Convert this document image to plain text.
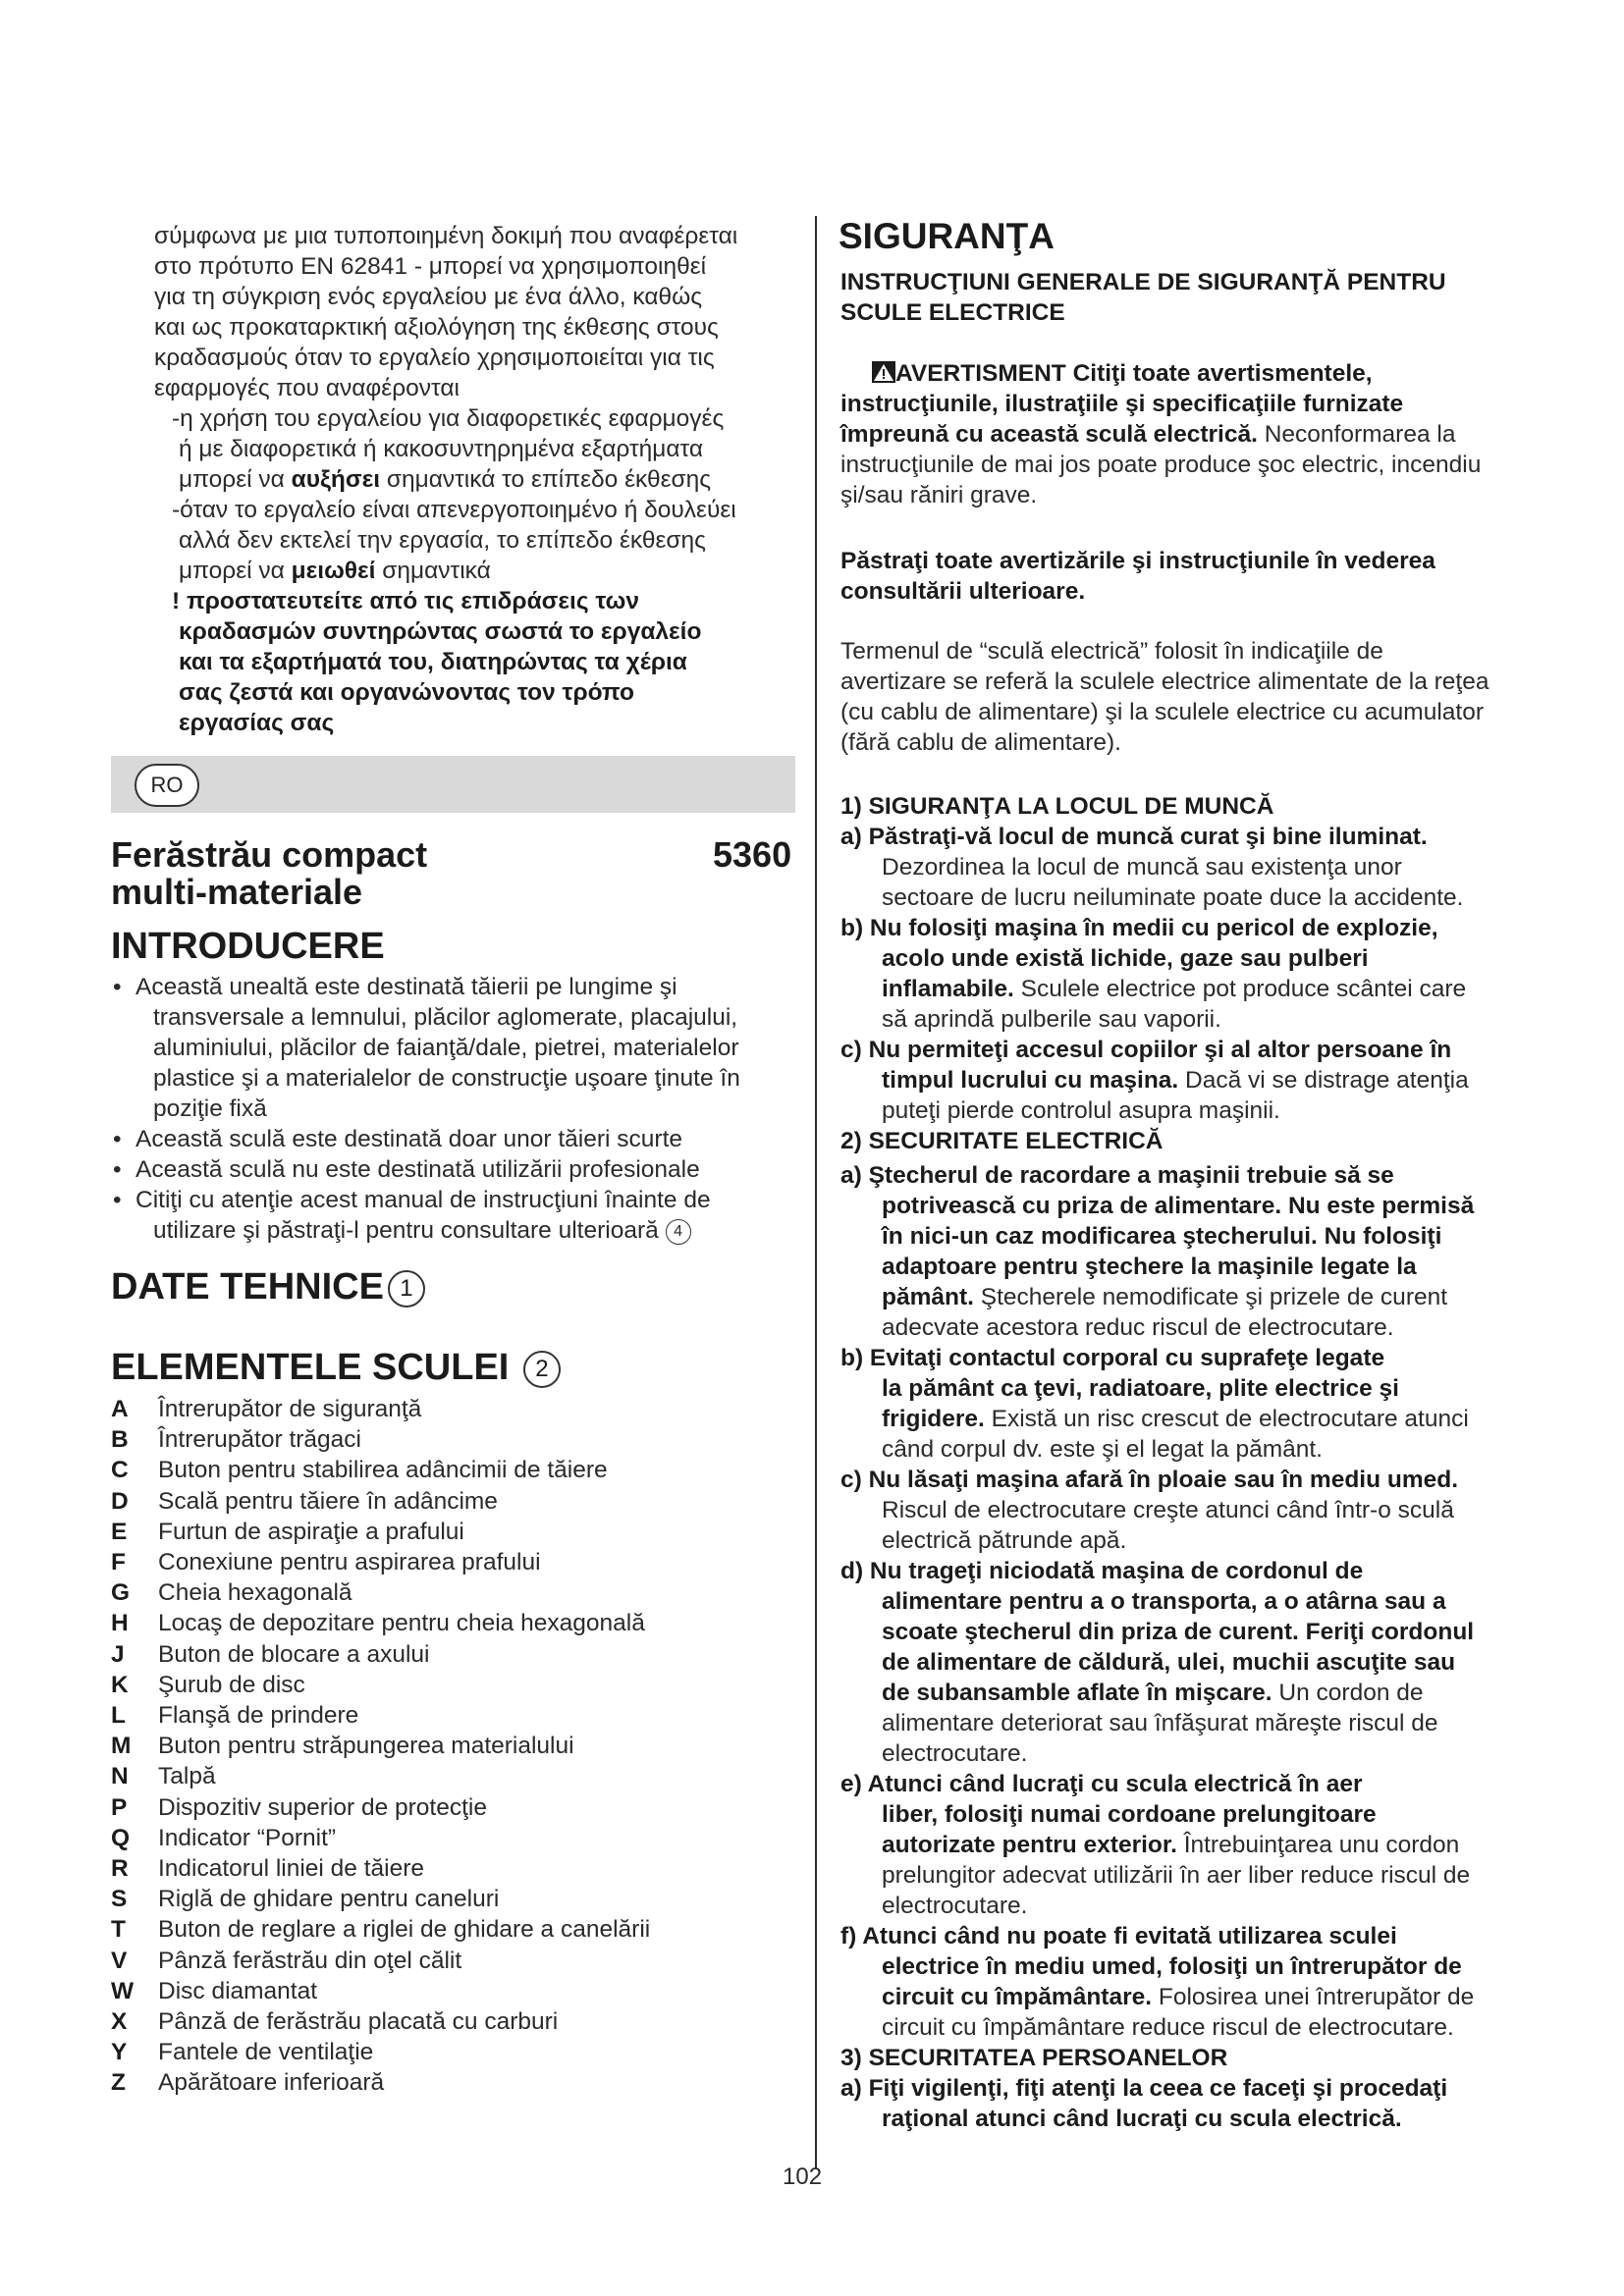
σύμφωνα με μια τυποποιημένη δοκιμή που αναφέρεται

στο πρότυπο EN 62841 - μπορεί να χρησιμοποιηθεί

για τη σύγκριση ενός εργαλείου με ένα άλλο, καθώς

και ως προκαταρκτική αξιολόγηση της έκθεσης στους

κραδασμούς όταν το εργαλείο χρησιμοποιείται για τις

εφαρμογές που αναφέρονται

-η χρήση του εργαλείου για διαφορετικές εφαρμογές

ή με διαφορετικά ή κακοσυντηρημένα εξαρτήματα

μπορεί να αυξήσει σημαντικά το επίπεδο έκθεσης

-όταν το εργαλείο είναι απενεργοποιημένο ή δουλεύει

αλλά δεν εκτελεί την εργασία, το επίπεδο έκθεσης

μπορεί να μειωθεί σημαντικά

! προστατευτείτε από τις επιδράσεις των

κραδασμών συντηρώντας σωστά το εργαλείο

και τα εξαρτήματά του, διατηρώντας τα χέρια

σας ζεστά και οργανώνοντας τον τρόπο

εργασίας σας

RO

Ferăstrău compact

multi-materiale

5360

INTRODUCERE

• Această unealtă este destinată tăierii pe lungime şi

transversale a lemnului, plăcilor aglomerate, placajului,

aluminiului, plăcilor de faianţă/dale, pietrei, materialelor

plastice şi a materialelor de construcţie uşoare ţinute în

poziţie fixă

• Această sculă este destinată doar unor tăieri scurte

• Această sculă nu este destinată utilizării profesionale

• Citiţi cu atenţie acest manual de instrucţiuni înainte de

utilizare şi păstraţi-l pentru consultare ulterioară 4

DATE TEHNICE 1

ELEMENTELE SCULEI 2

A Întrerupător de siguranţă
B Întrerupător trăgaci
C Buton pentru stabilirea adâncimii de tăiere
D Scală pentru tăiere în adâncime
E Furtun de aspiraţie a prafului
F Conexiune pentru aspirarea prafului
G Cheia hexagonală
H Locaş de depozitare pentru cheia hexagonală
J Buton de blocare a axului
K Şurub de disc
L Flanşă de prindere
M Buton pentru străpungerea materialului
N Talpă
P Dispozitiv superior de protecţie
Q Indicator “Pornit”
R Indicatorul liniei de tăiere
S Riglă de ghidare pentru caneluri
T Buton de reglare a riglei de ghidare a canelării
V Pânză ferăstrău din oţel călit
W Disc diamantat
X Pânză de ferăstrău placată cu carburi
Y Fantele de ventilaţie
Z Apărătoare inferioară

SIGURANŢA

INSTRUCŢIUNI GENERALE DE SIGURANŢĂ PENTRU

SCULE ELECTRICE

AVERTISMENT Citiţi toate avertismentele,

instrucţiunile, ilustraţiile şi specificaţiile furnizate

împreună cu această sculă electrică. Neconformarea la

instrucţiunile de mai jos poate produce şoc electric, incendiu

şi/sau răniri grave.

Păstraţi toate avertizările şi instrucţiunile în vederea

consultării ulterioare.

Termenul de “sculă electrică” folosit în indicaţiile de

avertizare se referă la sculele electrice alimentate de la reţea

(cu cablu de alimentare) şi la sculele electrice cu acumulator

(fără cablu de alimentare).

1) SIGURANŢA LA LOCUL DE MUNCĂ

a) Păstraţi-vă locul de muncă curat şi bine iluminat.

Dezordinea la locul de muncă sau existenţa unor

sectoare de lucru neiluminate poate duce la accidente.

b) Nu folosiţi maşina în medii cu pericol de explozie,

acolo unde există lichide, gaze sau pulberi

inflamabile. Sculele electrice pot produce scântei care

să aprindă pulberile sau vaporii.

c) Nu permiteţi accesul copiilor şi al altor persoane în

timpul lucrului cu maşina. Dacă vi se distrage atenţia

puteţi pierde controlul asupra maşinii.

2) SECURITATE ELECTRICĂ

a) Ştecherul de racordare a maşinii trebuie să se

potrivească cu priza de alimentare. Nu este permisă

în nici-un caz modificarea ştecherului. Nu folosiţi

adaptoare pentru ştechere la maşinile legate la

pământ. Ştecherele nemodificate şi prizele de curent

adecvate acestora reduc riscul de electrocutare.

b) Evitaţi contactul corporal cu suprafeţe legate

la pământ ca ţevi, radiatoare, plite electrice şi

frigidere. Există un risc crescut de electrocutare atunci

când corpul dv. este şi el legat la pământ.

c) Nu lăsaţi maşina afară în ploaie sau în mediu umed.

Riscul de electrocutare creşte atunci când într-o sculă

electrică pătrunde apă.

d) Nu trageţi niciodată maşina de cordonul de

alimentare pentru a o transporta, a o atârna sau a

scoate ştecherul din priza de curent. Feriţi cordonul

de alimentare de căldură, ulei, muchii ascuţite sau

de subansamble aflate în mişcare. Un cordon de

alimentare deteriorat sau înfăşurat măreşte riscul de

electrocutare.

e) Atunci când lucraţi cu scula electrică în aer

liber, folosiţi numai cordoane prelungitoare

autorizate pentru exterior. Întrebuinţarea unu cordon

prelungitor adecvat utilizării în aer liber reduce riscul de

electrocutare.

f) Atunci când nu poate fi evitată utilizarea sculei

electrice în mediu umed, folosiţi un întrerupător de

circuit cu împământare. Folosirea unei întrerupător de

circuit cu împământare reduce riscul de electrocutare.

3) SECURITATEA PERSOANELOR

a) Fiţi vigilenţi, fiţi atenţi la ceea ce faceţi şi procedaţi

raţional atunci când lucraţi cu scula electrică.

102
